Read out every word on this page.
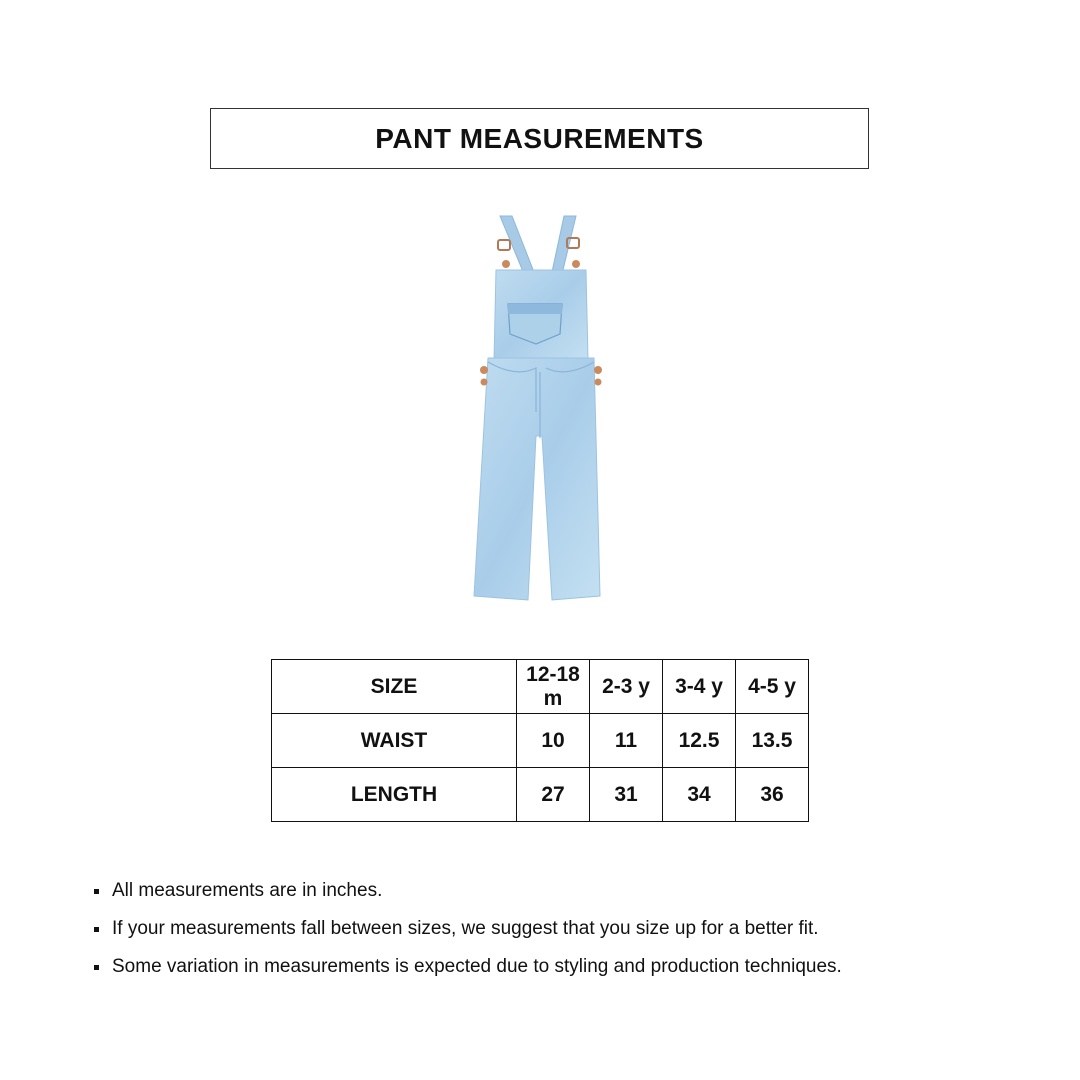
PANT MEASUREMENTS
SIZE	12-18 m	2-3 y	3-4 y	4-5 y
WAIST	10	11	12.5	13.5
LENGTH	27	31	34	36
All measurements are in inches.
If your measurements fall between sizes, we suggest that you size up for a better fit.
Some variation in measurements is expected due to styling and production techniques.
